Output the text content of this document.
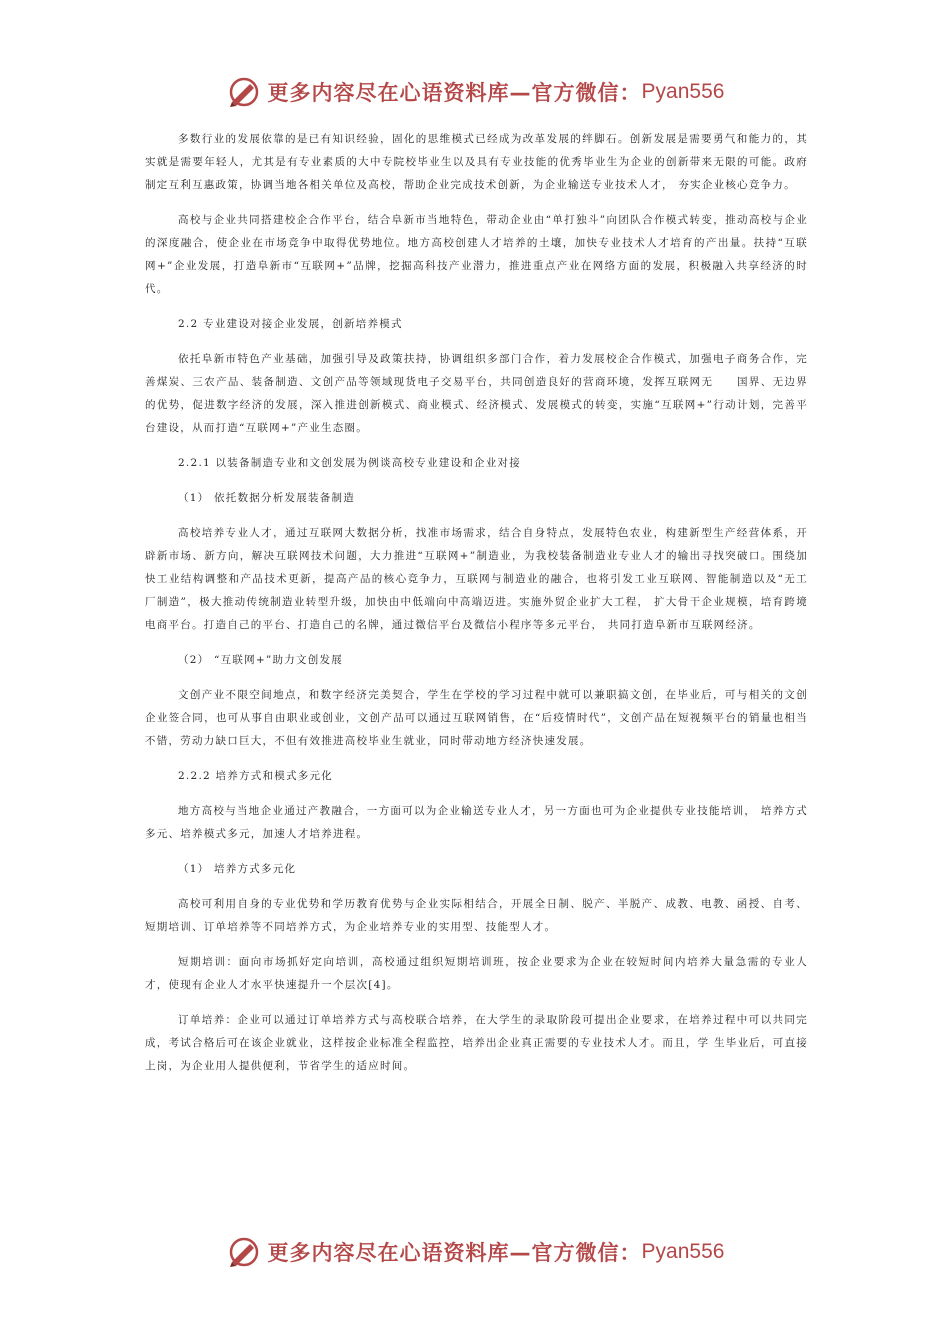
更多内容尽在心语资料库 —官方微信： Pyan556

多数行业的发展依靠的是已有知识经验，固化的思维模式已经成为改革发展的绊脚石。创新发展是需要勇气和能力的，其实就是需要年轻人，尤其是有专业素质的大中专院校毕业生以及具有专业技能的优秀毕业生为企业的创新带来无限的可能。政府制定互利互惠政策，协调当地各相关单位及高校，帮助企业完成技术创新，为企业输送专业技术人才， 夯实企业核心竞争力。

高校与企业共同搭建校企合作平台，结合阜新市当地特色，带动企业由“单打独斗”向团队合作模式转变，推动高校与企业的深度融合，使企业在市场竞争中取得优势地位。地方高校创建人才培养的土壤，加快专业技术人才培育的产出量。扶持“互联网+”企业发展，打造阜新市“互联网+”品牌，挖掘高科技产业潜力，推进重点产业在网络方面的发展，积极融入共享经济的时代。

2.2 专业建设对接企业发展，创新培养模式

依托阜新市特色产业基础，加强引导及政策扶持，协调组织多部门合作，着力发展校企合作模式，加强电子商务合作，完善煤炭、三农产品、装备制造、文创产品等领域现货电子交易平台，共同创造良好的营商环境，发挥互联网无　　国界、无边界的优势，促进数字经济的发展，深入推进创新模式、商业模式、经济模式、发展模式的转变，实施“互联网+”行动计划，完善平台建设，从而打造“互联网+”产业生态圈。

2.2.1 以装备制造专业和文创发展为例谈高校专业建设和企业对接

（1） 依托数据分析发展装备制造

高校培养专业人才，通过互联网大数据分析，找准市场需求，结合自身特点，发展特色农业，构建新型生产经营体系，开辟新市场、新方向，解决互联网技术问题，大力推进“互联网+”制造业，为我校装备制造业专业人才的输出寻找突破口。围绕加快工业结构调整和产品技术更新，提高产品的核心竞争力，互联网与制造业的融合，也将引发工业互联网、智能制造以及“无工厂制造”，极大推动传统制造业转型升级，加快由中低端向中高端迈进。实施外贸企业扩大工程， 扩大骨干企业规模，培育跨境电商平台。打造自己的平台、打造自己的名牌，通过微信平台及微信小程序等多元平台， 共同打造阜新市互联网经济。

（2） “互联网+”助力文创发展

文创产业不限空间地点，和数字经济完美契合，学生在学校的学习过程中就可以兼职搞文创，在毕业后，可与相关的文创企业签合同，也可从事自由职业或创业，文创产品可以通过互联网销售，在“后疫情时代”，文创产品在短视频平台的销量也相当不错，劳动力缺口巨大，不但有效推进高校毕业生就业，同时带动地方经济快速发展。

2.2.2 培养方式和模式多元化

地方高校与当地企业通过产教融合，一方面可以为企业输送专业人才，另一方面也可为企业提供专业技能培训， 培养方式多元、培养模式多元，加速人才培养进程。

（1） 培养方式多元化

高校可利用自身的专业优势和学历教育优势与企业实际相结合，开展全日制、脱产、半脱产、成教、电教、函授、自考、短期培训、订单培养等不同培养方式，为企业培养专业的实用型、技能型人才。

短期培训：面向市场抓好定向培训，高校通过组织短期培训班，按企业要求为企业在较短时间内培养大量急需的专业人才，使现有企业人才水平快速提升一个层次[4]。

订单培养：企业可以通过订单培养方式与高校联合培养，在大学生的录取阶段可提出企业要求，在培养过程中可以共同完成，考试合格后可在该企业就业，这样按企业标准全程监控，培养出企业真正需要的专业技术人才。而且，学 生毕业后，可直接上岗，为企业用人提供便利，节省学生的适应时间。

更多内容尽在心语资料库 —官方微信： Pyan556
